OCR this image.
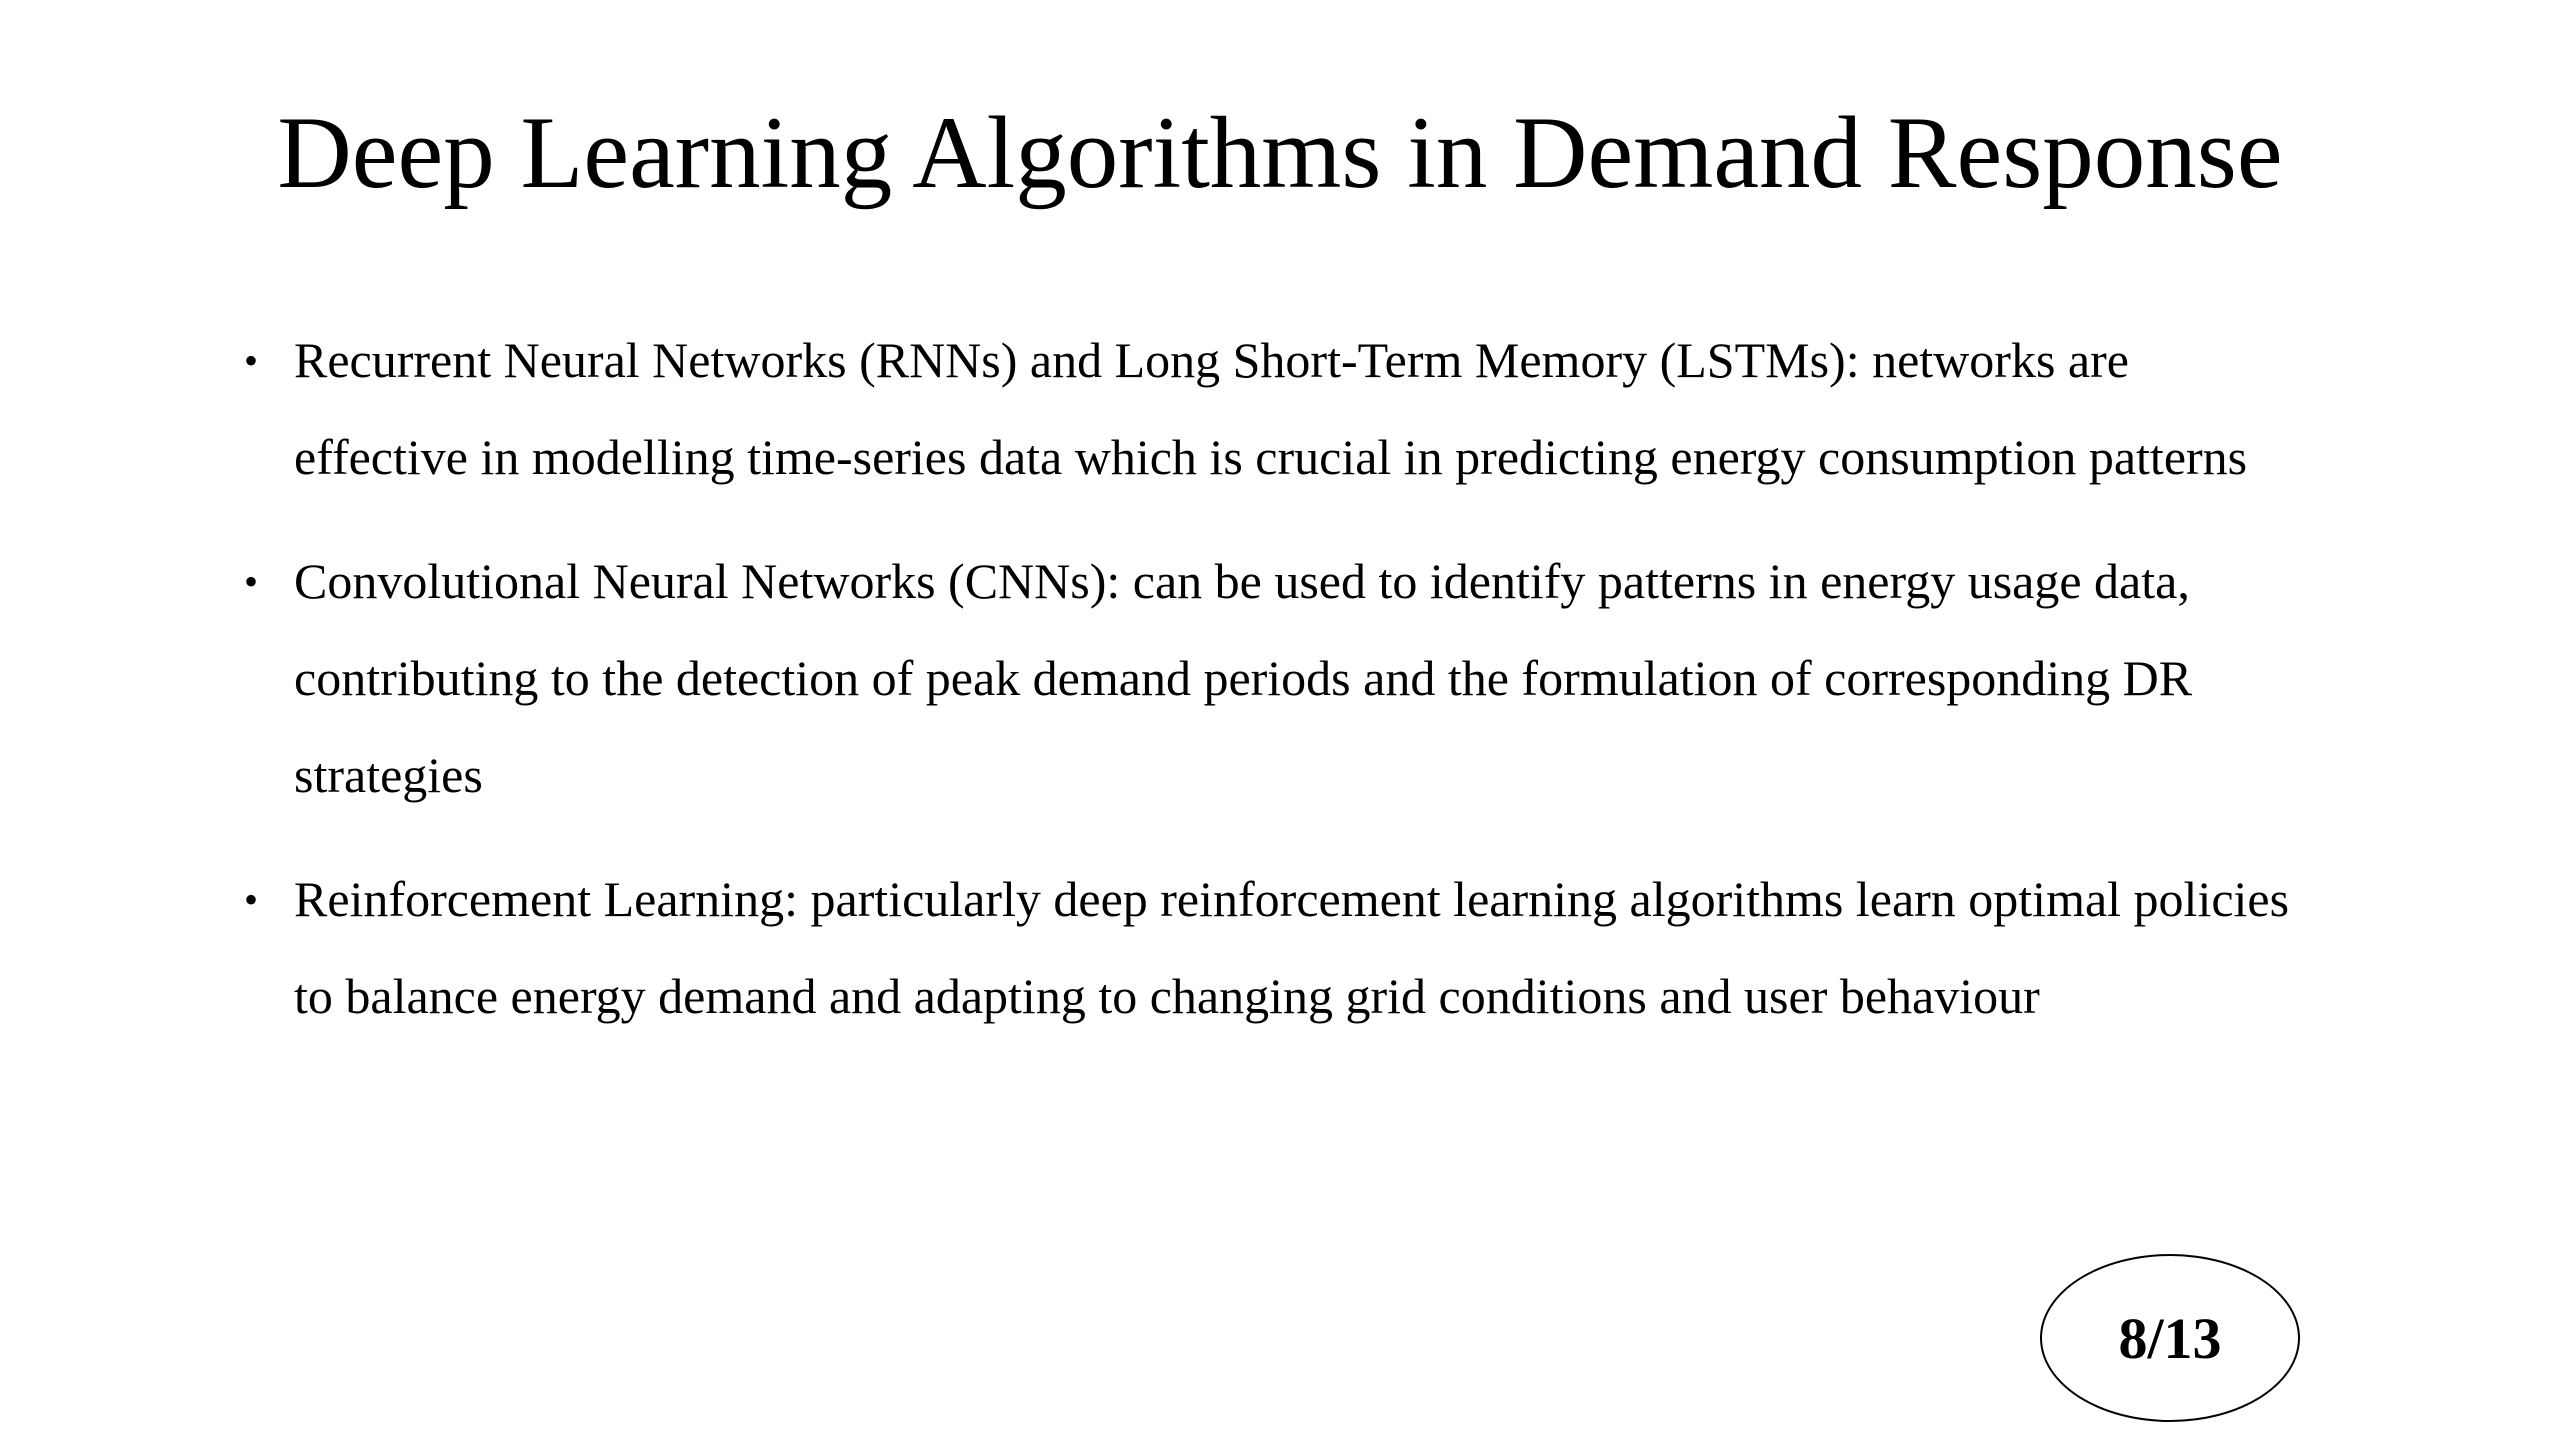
Deep Learning Algorithms in Demand Response
• Recurrent Neural Networks (RNNs) and Long Short-Term Memory (LSTMs): networks are effective in modelling time-series data which is crucial in predicting energy consumption patterns
• Convolutional Neural Networks (CNNs): can be used to identify patterns in energy usage data, contributing to the detection of peak demand periods and the formulation of corresponding DR strategies
• Reinforcement Learning: particularly deep reinforcement learning algorithms learn optimal policies to balance energy demand and adapting to changing grid conditions and user behaviour
8/13
